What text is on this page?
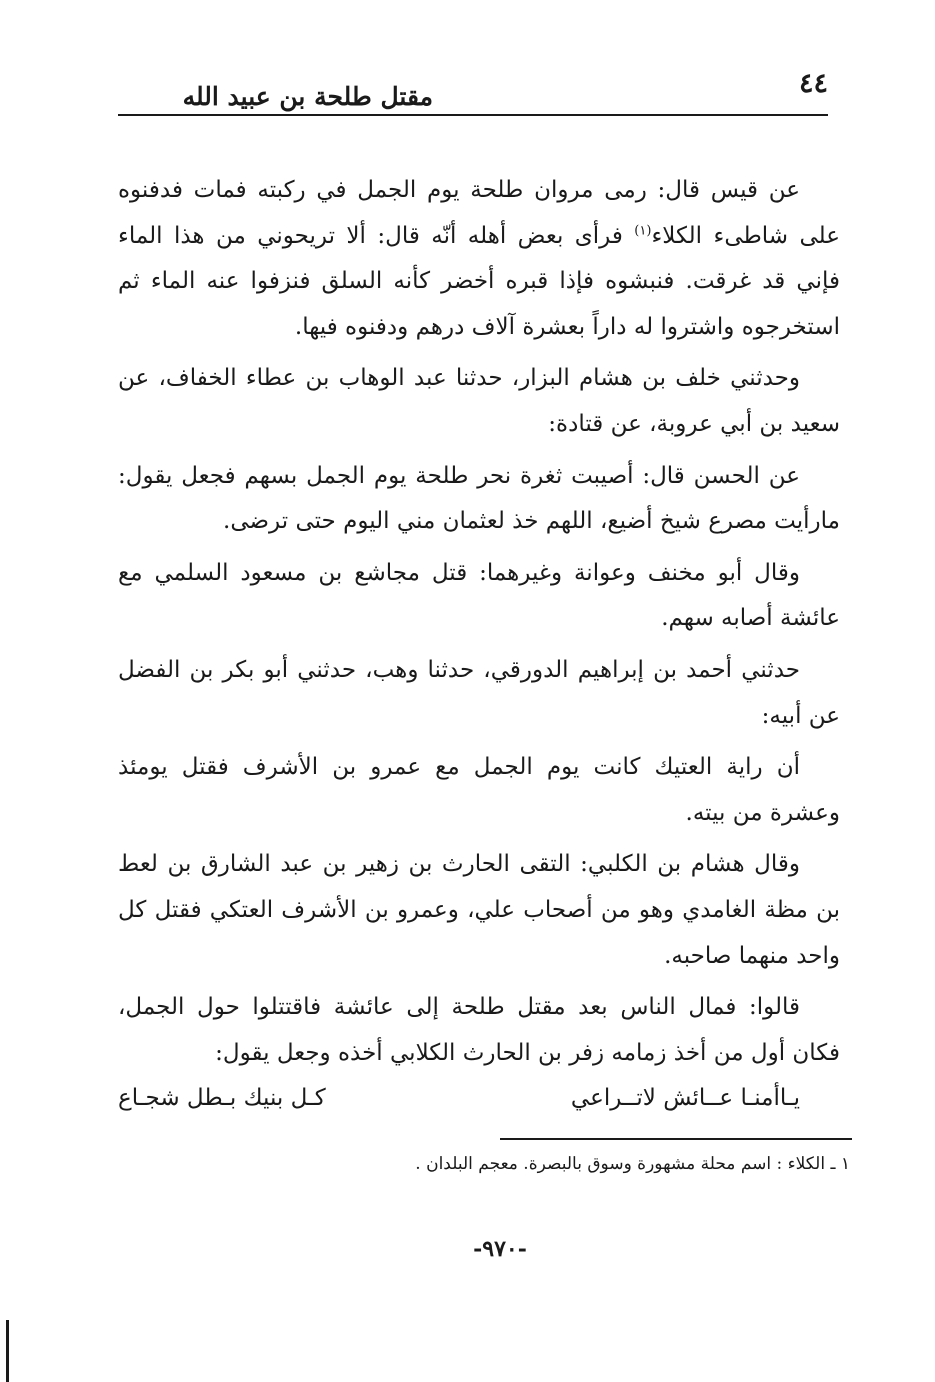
مقتل طلحة بن عبيد الله	٤٤

عن قيس قال: رمى مروان طلحة يوم الجمل في ركبته فمات فدفنوه على شاطىء الكلاء$^{(١)}$ فرأى بعض أهله أنّه قال: ألا تريحوني من هذا الماء فإني قد غرقت. فنبشوه فإذا قبره أخضر كأنه السلق فنزفوا عنه الماء ثم استخرجوه واشتروا له داراً بعشرة آلاف درهم ودفنوه فيها.

وحدثني خلف بن هشام البزار، حدثنا عبد الوهاب بن عطاء الخفاف، عن سعيد بن أبي عروبة، عن قتادة:

عن الحسن قال: أصيبت ثغرة نحر طلحة يوم الجمل بسهم فجعل يقول: مارأيت مصرع شيخ أضيع، اللهم خذ لعثمان مني اليوم حتى ترضى.

وقال أبو مخنف وعوانة وغيرهما: قتل مجاشع بن مسعود السلمي مع عائشة أصابه سهم.

حدثني أحمد بن إبراهيم الدورقي، حدثنا وهب، حدثني أبو بكر بن الفضل عن أبيه:

أن راية العتيك كانت يوم الجمل مع عمرو بن الأشرف فقتل يومئذ وعشرة من بيته.

وقال هشام بن الكلبي: التقى الحارث بن زهير بن عبد الشارق بن لعط بن مظة الغامدي وهو من أصحاب علي، وعمرو بن الأشرف العتكي فقتل كل واحد منهما صاحبه.

قالوا: فمال الناس بعد مقتل طلحة إلى عائشة فاقتتلوا حول الجمل، فكان أول من أخذ زمامه زفر بن الحارث الكلابي أخذه وجعل يقول:

يـاأمنـا عــائش لاتــراعي
كـل بنيك بـطل شجـاع
١ ـ الكلاء : اسم محلة مشهورة وسوق بالبصرة. معجم البلدان .
-٩٧٠-
